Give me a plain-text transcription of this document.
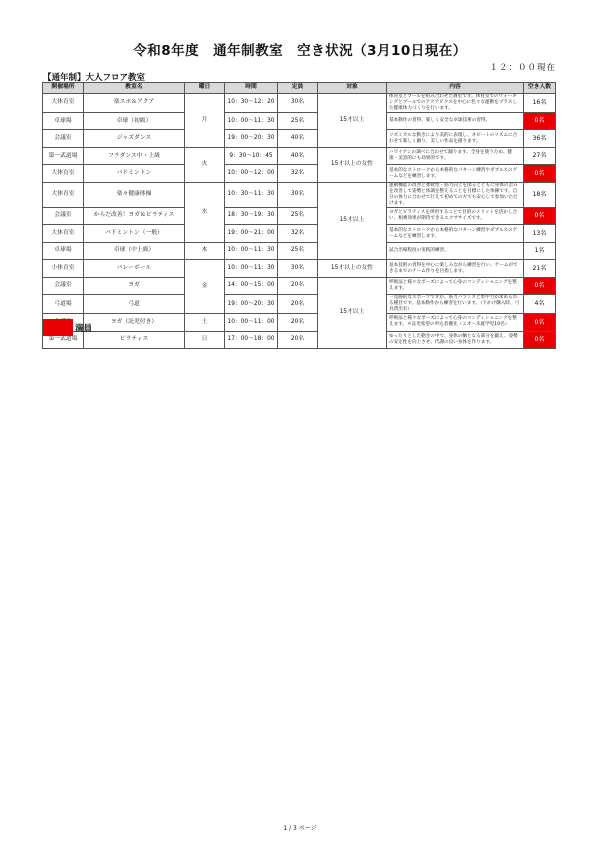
令和8年度　通年制教室　空き状況（3月10日現在）
１２：００現在
【通年制】大人フロア教室
開催場所	教室名	曜日	時間	定員	対象	内容	空き人数
大体育室	楽スポ＆アクア	月	10：30～12：20	30名	15才以上	体育室とプールを組み合わせた教室です。体育室でのウォーキングとプールでのアクアビクスを中心に色々な運動をプラスした健康体力づくりを行います。	16名
卓球場	卓球（初級）		10：00～11：30	25名		基本動作の習得、楽しく安全な卓球技術の習得。	0名
会議室	ジャズダンス		19：00～20：30	40名		リズミカルな動きにより美的に表現し、ネビートのリズムに合わせて楽しく踊り、美しい作品を創ります。	36名
第一武道場	フラダンス中・上級	火	9：30～10：45	40名	15才以上の女性	ハワイアンの調べに合わせて踊ります。全身を使うため、健康・美容的にも効果的です。	27名
大体育室	バドミントン		10：00～12：00	32名		基本的なストロークから本格的なパターン練習やダブルスのゲームなどを練習します。	0名
大体育室	楽々健康体操	水	10：30～11：30	30名	15才以上	運動機能の改善と柔軟性・筋力向上を図るとともに身体の歪みを改善して姿勢と体調を整えることを目標にした体操です。自分の体力に合わせて行えて初めての方でも安心して参加いただけます。	18名
会議室	からだ改善！ヨガ＆ピラティス		18：30～19：30	25名		ヨガとピラティスを併用することで目的のメリットを活かし合い、相乗効果が期待できるエクササイズです。	0名
大体育室	バドミントン（一般）		19：00～21：00	32名		基本的なストロークから本格的なパターン練習やダブルスのゲームなどを練習します。	13名
卓球場	卓球（中上級）	木	10：00～11：30	25名		試合出場程度の実践的練習。	1名
小体育室	バレーボール	金	10：00～11：30	30名	15才以上の女性	基本技術の習得を中心に楽しみながら練習を行い、ゲームができるまでのチーム作りを目指します。	21名
会議室	ヨガ		14：00～15：00	20名	15才以上	呼吸法と様々なポーズによって心身のコンディショニングを整えます。	0名
弓道場	弓道		19：00～20：30	20名		一見静的なスポーツですが、筋力バランスと集中力が求められる種目です。基本動作から練習を行います。（下かけ購入時、弓具貸出有）	4名
	ヨガ（託児付き）	土	10：00～11：00	20名		呼吸法と様々なポーズによって心身のコンディショニングを整えます。＊託児希望の申込者優先（２才～未就学児10名）	0名
第一武道場	ピラティス	日	17：00～18：00	20名		ゆったりとした動きの中で、身体の軸となる部分を鍛え、姿勢の安定性を向上させ、代謝の良い身体を作ります。	0名
満員
1 / 3 ページ
